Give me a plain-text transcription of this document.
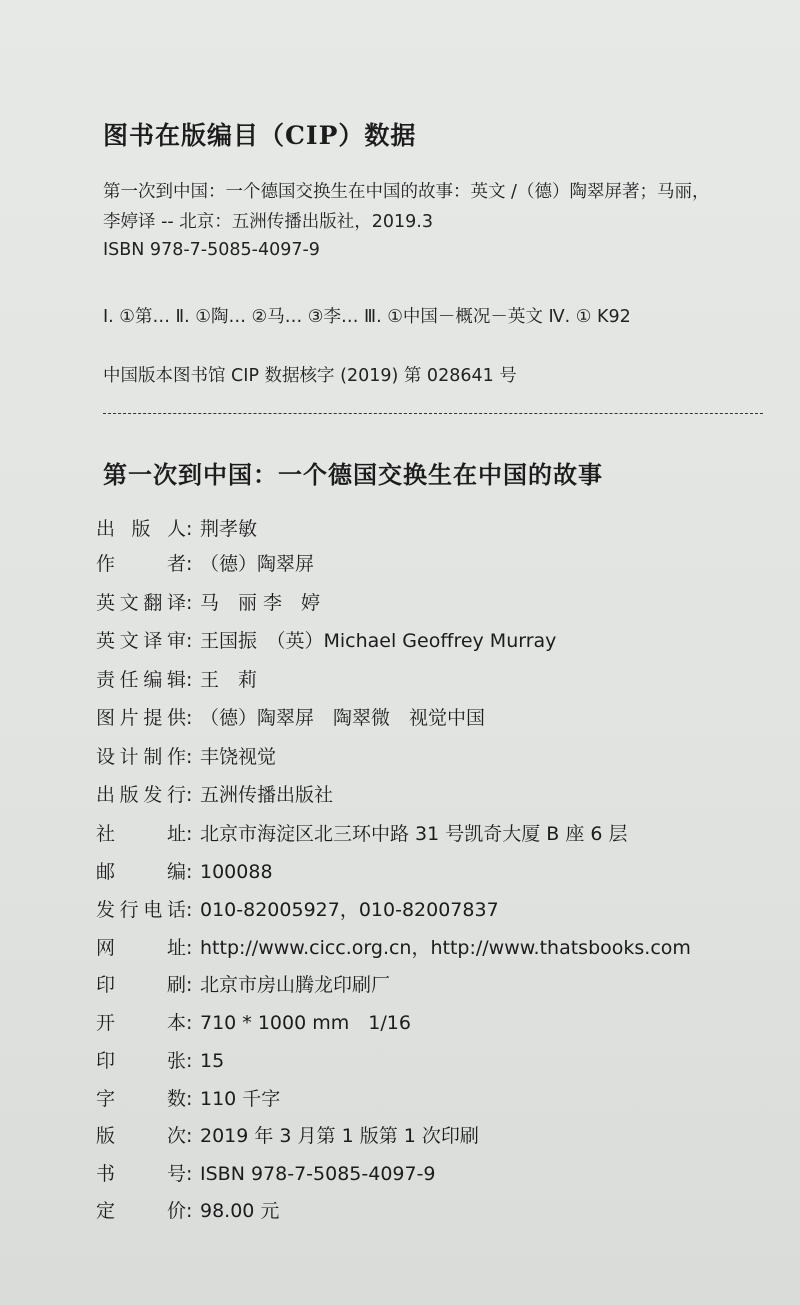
图书在版编目（CIP）数据
第一次到中国：一个德国交换生在中国的故事：英文 /（德）陶翠屏著；马丽，
李婷译 -- 北京：五洲传播出版社，2019.3
ISBN 978-7-5085-4097-9
Ⅰ. ①第… Ⅱ. ①陶… ②马… ③李… Ⅲ. ①中国－概况－英文 Ⅳ. ① K92
中国版本图书馆 CIP 数据核字 (2019) 第 028641 号
第一次到中国：一个德国交换生在中国的故事
出版人: 荆孝敏
作者: （德）陶翠屏
英文翻译: 马　丽 李　婷
英文译审: 王国振　（英）Michael Geoffrey Murray
责任编辑: 王　莉
图片提供: （德）陶翠屏　陶翠微　视觉中国
设计制作: 丰饶视觉
出版发行: 五洲传播出版社
社址: 北京市海淀区北三环中路 31 号凯奇大厦 B 座 6 层
邮编: 100088
发行电话: 010-82005927，010-82007837
网址: http://www.cicc.org.cn，http://www.thatsbooks.com
印刷: 北京市房山腾龙印刷厂
开本: 710 * 1000 mm　1/16
印张: 15
字数: 110 千字
版次: 2019 年 3 月第 1 版第 1 次印刷
书号: ISBN 978-7-5085-4097-9
定价: 98.00 元
